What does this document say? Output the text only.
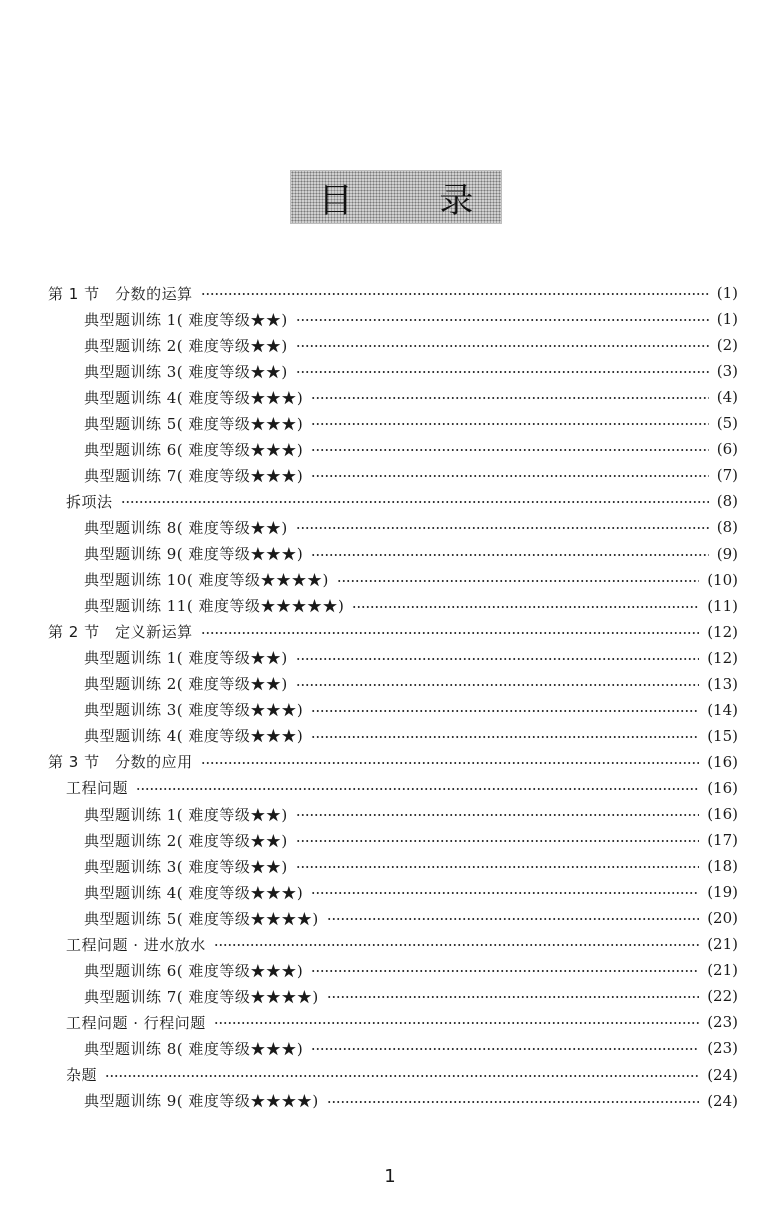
目 录
第 1 节　分数的运算	(1)
典型题训练 1( 难度等级★★)	(1)
典型题训练 2( 难度等级★★)	(2)
典型题训练 3( 难度等级★★)	(3)
典型题训练 4( 难度等级★★★)	(4)
典型题训练 5( 难度等级★★★)	(5)
典型题训练 6( 难度等级★★★)	(6)
典型题训练 7( 难度等级★★★)	(7)
拆项法	(8)
典型题训练 8( 难度等级★★)	(8)
典型题训练 9( 难度等级★★★)	(9)
典型题训练 10( 难度等级★★★★)	(10)
典型题训练 11( 难度等级★★★★★)	(11)
第 2 节　定义新运算	(12)
典型题训练 1( 难度等级★★)	(12)
典型题训练 2( 难度等级★★)	(13)
典型题训练 3( 难度等级★★★)	(14)
典型题训练 4( 难度等级★★★)	(15)
第 3 节　分数的应用	(16)
工程问题	(16)
典型题训练 1( 难度等级★★)	(16)
典型题训练 2( 难度等级★★)	(17)
典型题训练 3( 难度等级★★)	(18)
典型题训练 4( 难度等级★★★)	(19)
典型题训练 5( 难度等级★★★★)	(20)
工程问题 · 进水放水	(21)
典型题训练 6( 难度等级★★★)	(21)
典型题训练 7( 难度等级★★★★)	(22)
工程问题 · 行程问题	(23)
典型题训练 8( 难度等级★★★)	(23)
杂题	(24)
典型题训练 9( 难度等级★★★★)	(24)
1
